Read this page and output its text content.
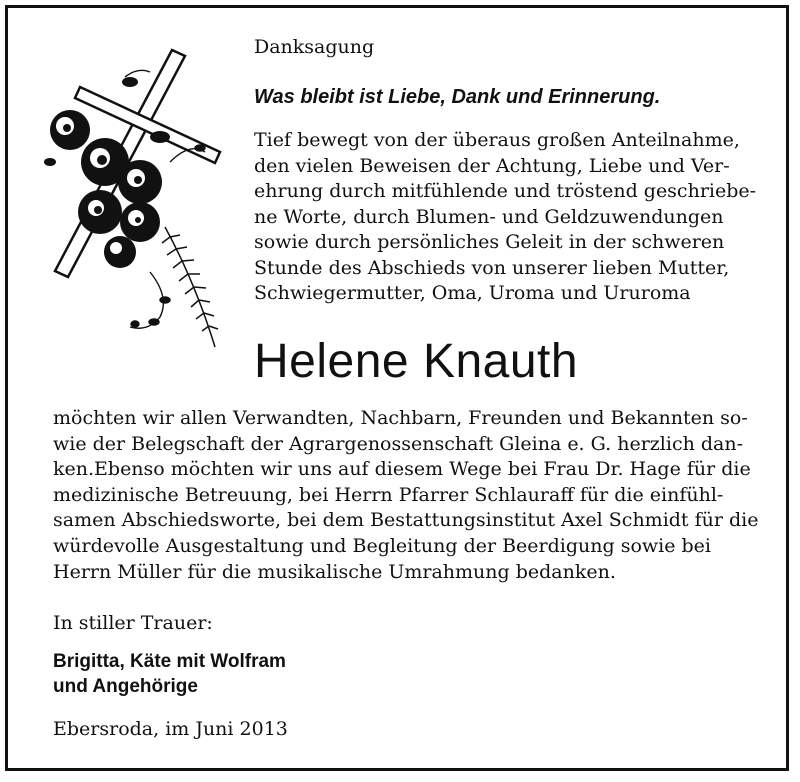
Danksagung
Was bleibt ist Liebe, Dank und Erinnerung.
Tief bewegt von der überaus großen Anteilnahme,
den vielen Beweisen der Achtung, Liebe und Ver-
ehrung durch mitfühlende und tröstend geschriebe-
ne Worte, durch Blumen- und Geldzuwendungen
sowie durch persönliches Geleit in der schweren
Stunde des Abschieds von unserer lieben Mutter,
Schwiegermutter, Oma, Uroma und Ururoma
Helene Knauth
möchten wir allen Verwandten, Nachbarn, Freunden und Bekannten so-
wie der Belegschaft der Agrargenossenschaft Gleina e. G. herzlich dan-
ken.Ebenso möchten wir uns auf diesem Wege bei Frau Dr. Hage für die
medizinische Betreuung, bei Herrn Pfarrer Schlauraff für die einfühl-
samen Abschiedsworte, bei dem Bestattungsinstitut Axel Schmidt für die
würdevolle Ausgestaltung und Begleitung der Beerdigung sowie bei
Herrn Müller für die musikalische Umrahmung bedanken.
In stiller Trauer:
Brigitta, Käte mit Wolfram
und Angehörige
Ebersroda, im Juni 2013
